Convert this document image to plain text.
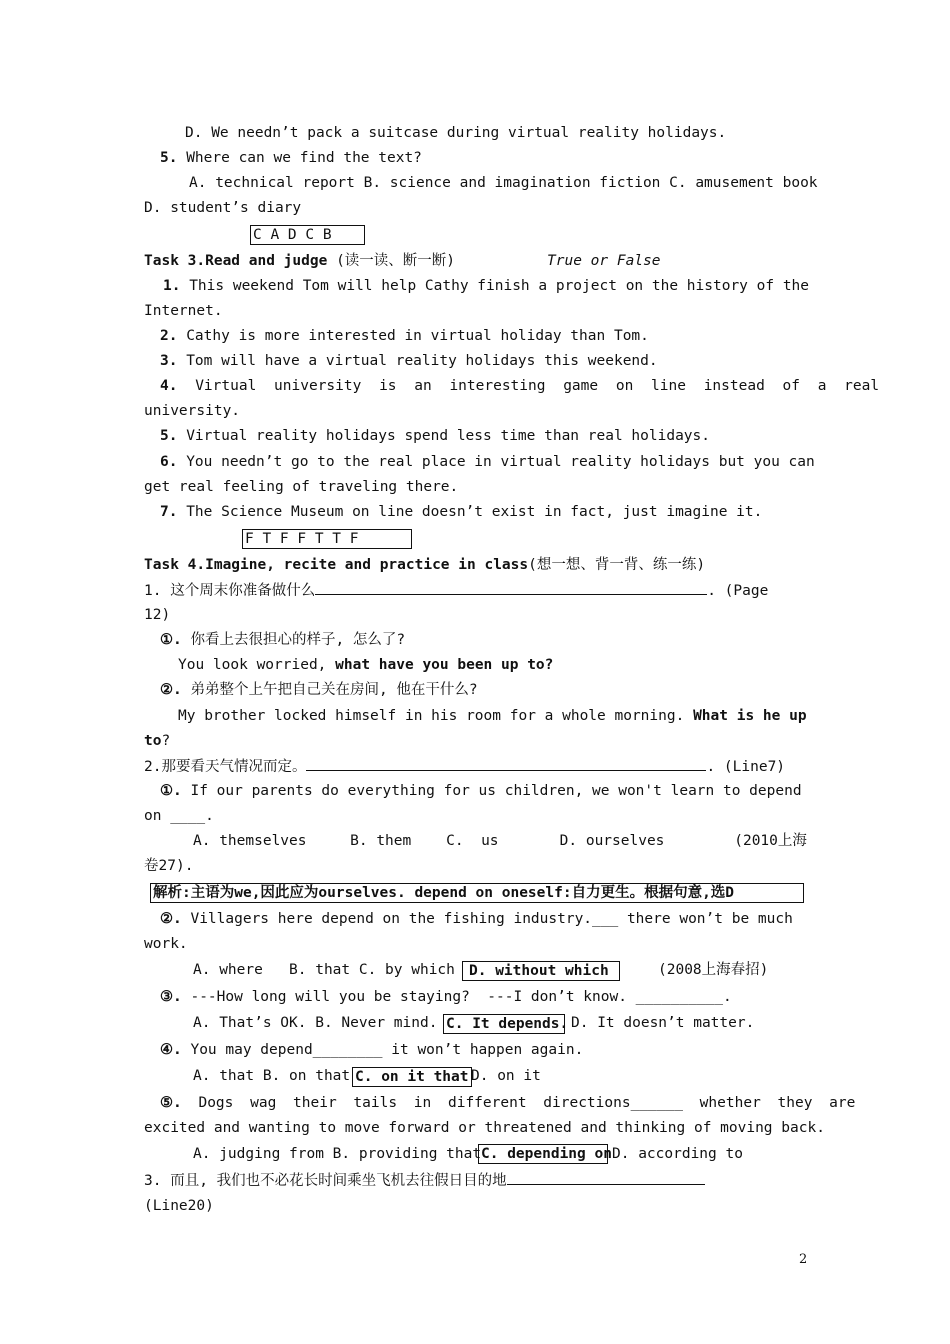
D. We needn’t pack a suitcase during virtual reality holidays.
5. Where can we find the text?
A. technical report B. science and imagination fiction C. amusement book
D. student’s diary
C A D C B
Task 3.Read and judge (读一读、断一断)	True or False
1. This weekend Tom will help Cathy finish a project on the history of the
Internet.
2. Cathy is more interested in virtual holiday than Tom.
3. Tom will have a virtual reality holidays this weekend.
4. Virtual university is an interesting game on line instead of a real
university.
5. Virtual reality holidays spend less time than real holidays.
6. You needn’t go to the real place in virtual reality holidays but you can
get real feeling of traveling there.
7. The Science Museum on line doesn’t exist in fact, just imagine it.
F T F F T T F
Task 4.Imagine, recite and practice in class(想一想、背一背、练一练)
1. 这个周末你准备做什么	. (Page
12)
①. 你看上去很担心的样子, 怎么了?
You look worried, what have you been up to?
②. 弟弟整个上午把自己关在房间, 他在干什么?
My brother locked himself in his room for a whole morning. What is he up
to?
2.那要看天气情况而定。	. (Line7)
①. If our parents do everything for us children, we won't learn to depend
on ____.
A. themselves     B. them    C.  us       D. ourselves        (2010上海
卷27).
解析:主语为we,因此应为ourselves. depend on oneself:自力更生。根据句意,选D
②. Villagers here depend on the fishing industry.___ there won’t be much
work.
A. where   B. that C. by which D. without which	(2008上海春招)
③. ---How long will you be staying?  ---I don’t know. __________.
A. That’s OK. B. Never mind. C. It depends. D. It doesn’t matter.
④. You may depend________ it won’t happen again.
A. that B. on that C. on it that D. on it
⑤. Dogs wag their tails in different directions______ whether they are
excited and wanting to move forward or threatened and thinking of moving back.
A. judging from B. providing that C. depending on D. according to
3. 而且, 我们也不必花长时间乘坐飞机去往假日目的地
(Line20)
2
